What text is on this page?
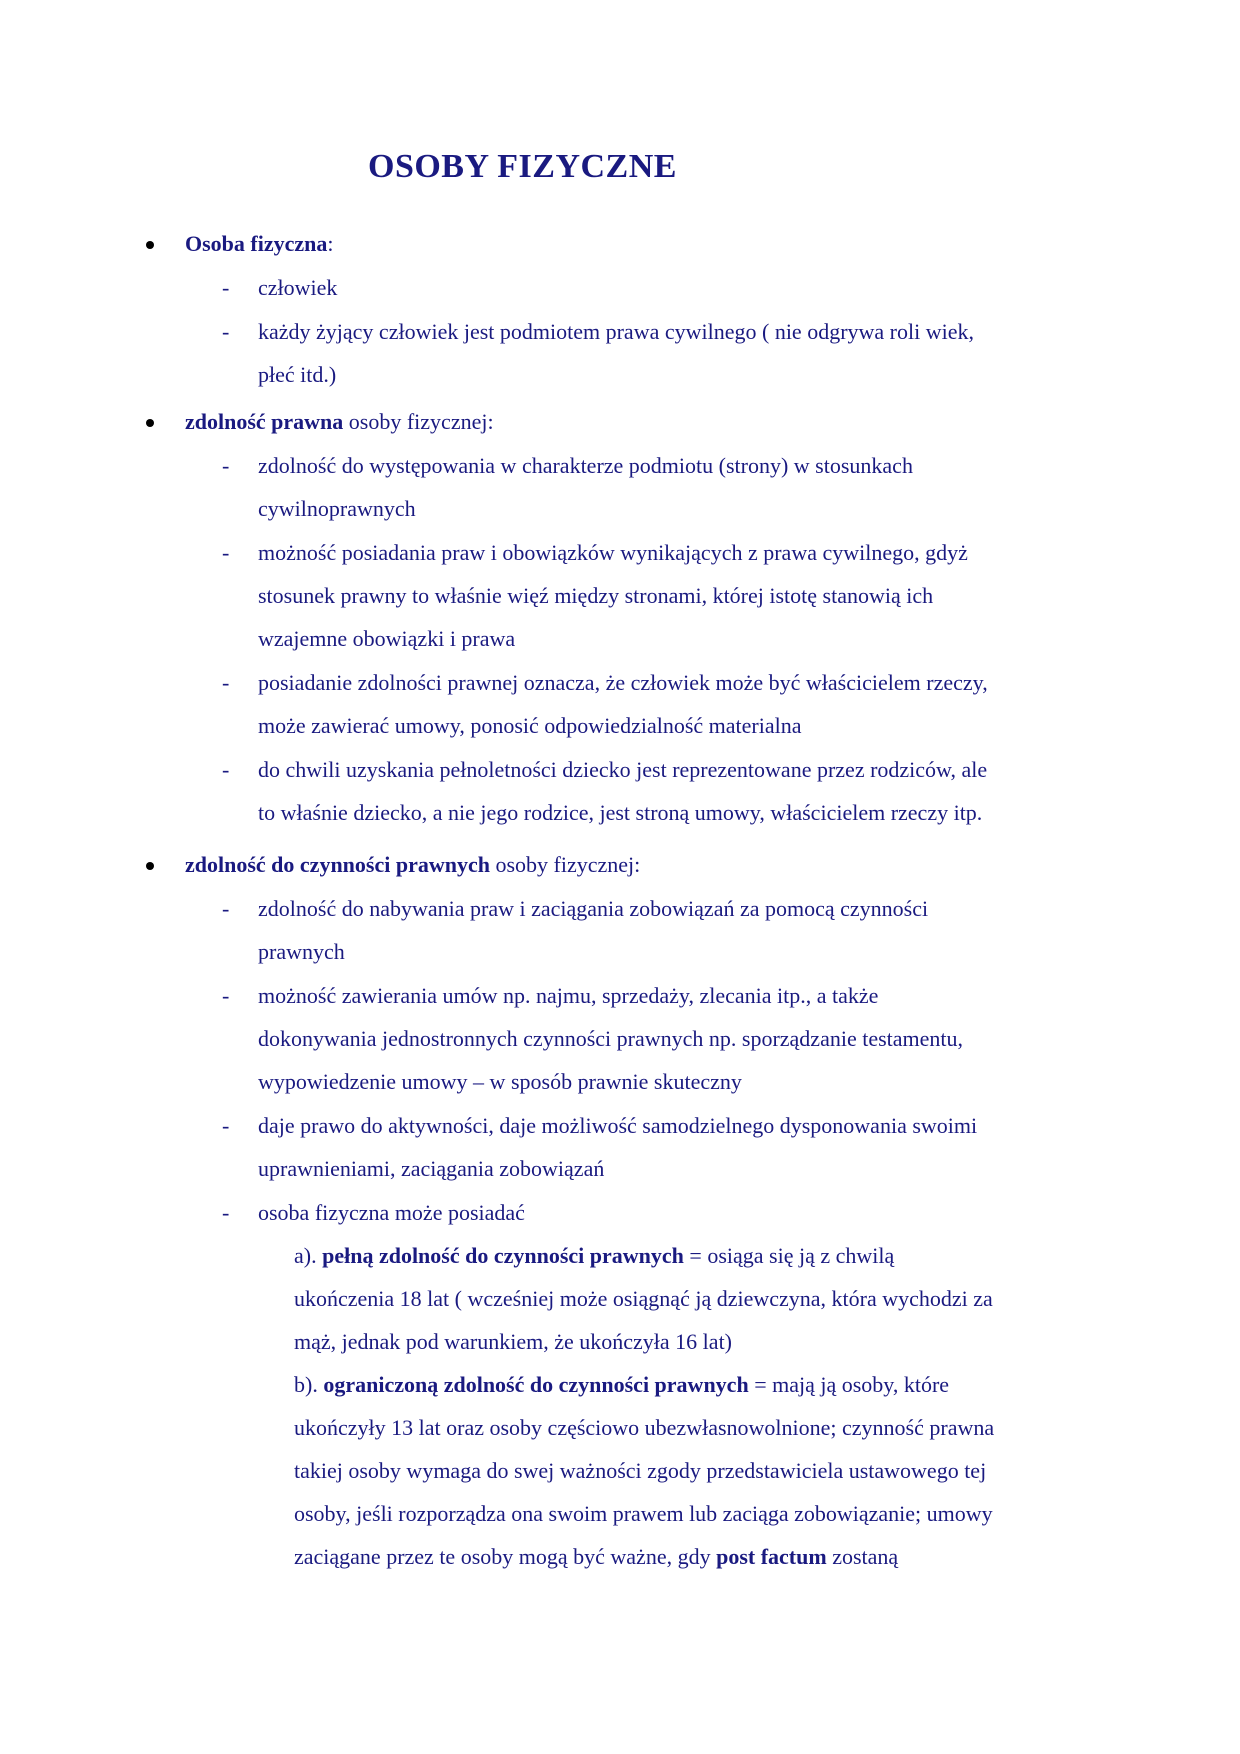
OSOBY FIZYCZNE
Osoba fizyczna:
- człowiek
- każdy żyjący człowiek jest podmiotem prawa cywilnego ( nie odgrywa roli wiek,
płeć itd.)
zdolność prawna osoby fizycznej:
- zdolność do występowania w charakterze podmiotu (strony) w stosunkach
cywilnoprawnych
- możność posiadania praw i obowiązków wynikających z prawa cywilnego, gdyż
stosunek prawny to właśnie więź między stronami, której istotę stanowią ich
wzajemne obowiązki i prawa
- posiadanie zdolności prawnej oznacza, że człowiek może być właścicielem rzeczy,
może zawierać umowy, ponosić odpowiedzialność materialna
- do chwili uzyskania pełnoletności dziecko jest reprezentowane przez rodziców, ale
to właśnie dziecko, a nie jego rodzice, jest stroną umowy, właścicielem rzeczy itp.
zdolność do czynności prawnych osoby fizycznej:
- zdolność do nabywania praw i zaciągania zobowiązań za pomocą czynności
prawnych
- możność zawierania umów np. najmu, sprzedaży, zlecania itp., a także
dokonywania jednostronnych czynności prawnych np. sporządzanie testamentu,
wypowiedzenie umowy – w sposób prawnie skuteczny
- daje prawo do aktywności, daje możliwość samodzielnego dysponowania swoimi
uprawnieniami, zaciągania zobowiązań
- osoba fizyczna może posiadać
a). pełną zdolność do czynności prawnych = osiąga się ją z chwilą
ukończenia 18 lat ( wcześniej może osiągnąć ją dziewczyna, która wychodzi za
mąż, jednak pod warunkiem, że ukończyła 16 lat)
b). ograniczoną zdolność do czynności prawnych = mają ją osoby, które
ukończyły 13 lat oraz osoby częściowo ubezwłasnowolnione; czynność prawna
takiej osoby wymaga do swej ważności zgody przedstawiciela ustawowego tej
osoby, jeśli rozporządza ona swoim prawem lub zaciąga zobowiązanie; umowy
zaciągane przez te osoby mogą być ważne, gdy post factum zostaną
